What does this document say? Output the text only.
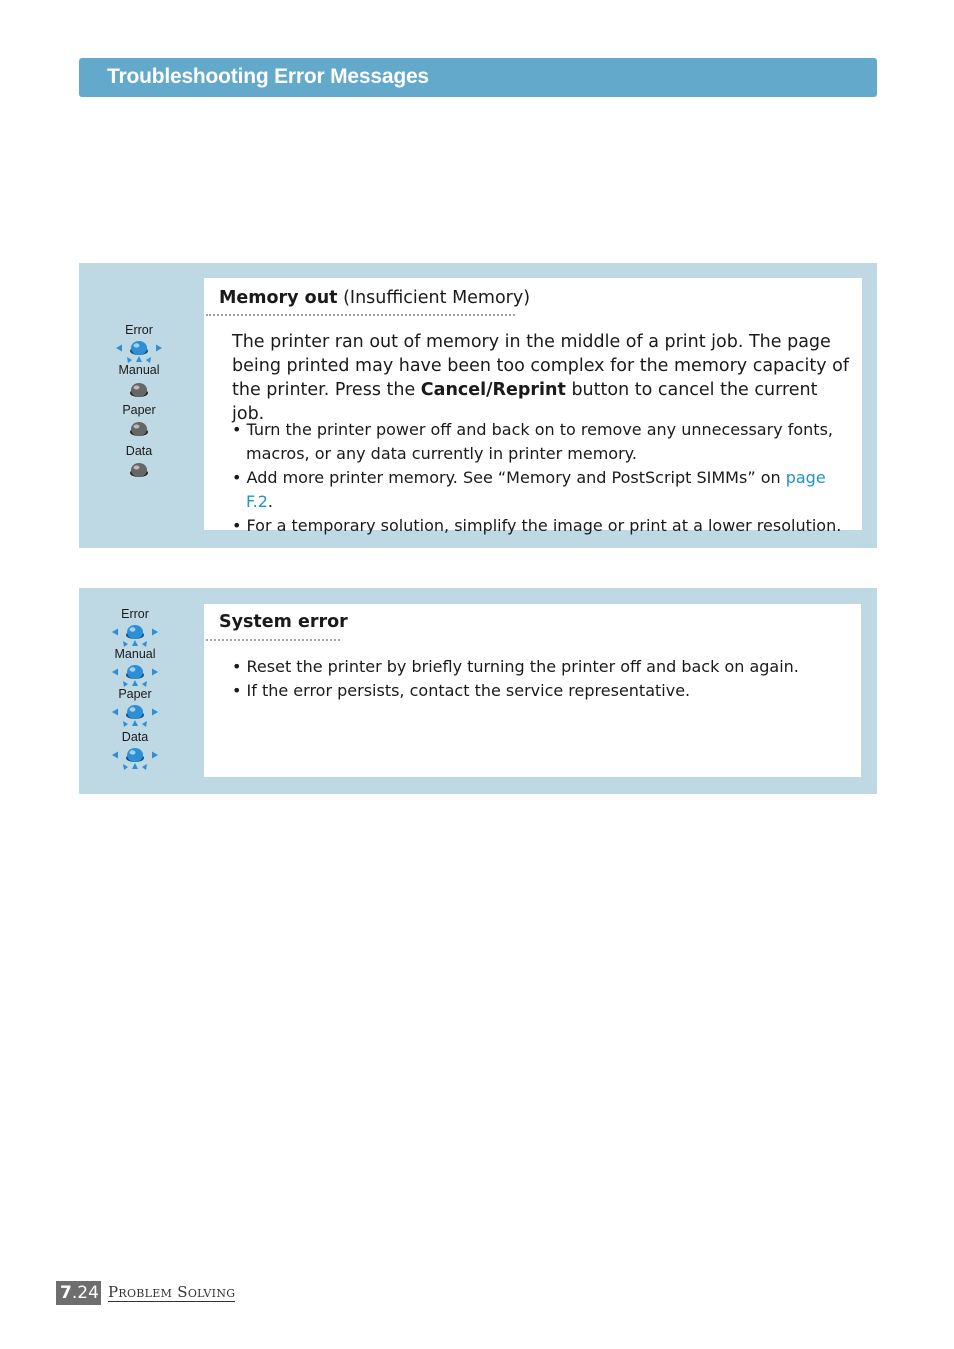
Troubleshooting Error Messages
Error
Manual
Paper
Data
Memory out (Insufficient Memory)

The printer ran out of memory in the middle of a print job. The page being printed may have been too complex for the memory capacity of the printer. Press the Cancel/Reprint button to cancel the current job.

• Turn the printer power off and back on to remove any unnecessary fonts, macros, or any data currently in printer memory.
• Add more printer memory. See “Memory and PostScript SIMMs” on page F.2.
• For a temporary solution, simplify the image or print at a lower resolution.
Error
Manual
Paper
Data
System error
• Reset the printer by briefly turning the printer off and back on again.
• If the error persists, contact the service representative.
7.24 Problem Solving
